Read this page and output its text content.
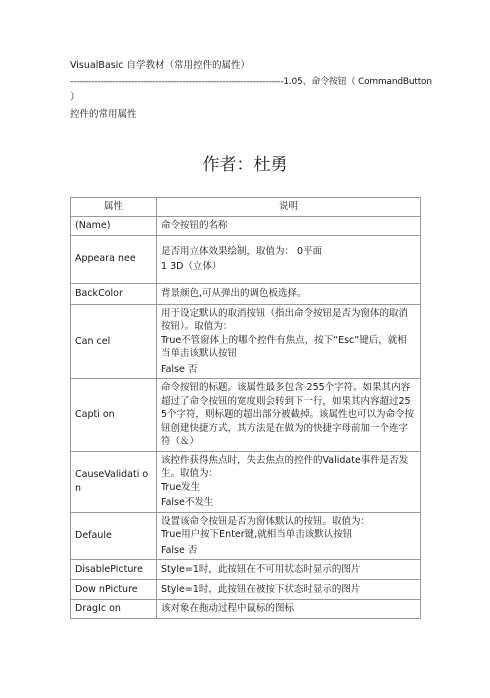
VisualBasic 自学教材（常用控件的属性）
----------------------------------------------------------------------1.05、命令按钮（ CommandButton
）
控件的常用属性
作者：杜勇
属性	说明
(Name)	命令按钮的名称

Appeara nee	是否用立体效果绘制，取值为： 0平面

1 3D（立体）

BackColor	背景颜色,可从弹出的调色板选择。

Can cel	用于设定默认的取消按钮（指出命令按钮是否为窗体的取消按钮）。取值为：

True不管窗体上的哪个控件有焦点，按下“Esc”键后，就相当单击该默认按钮

False 否

Capti on	命令按钮的标题。该属性最多包含 255个字符。如果其内容超过了命令按钮的宽度则会转到下一行，如果其内容超过255个字符，则标题的超出部分被截掉。该属性也可以为命令按钮创建快捷方式，其方法是在做为的快捷字母前加一个连字符（＆）

CauseValidati on	该控件获得焦点时，失去焦点的控件的Validate事件是否发生。取值为：

True发生

False不发生

Defaule	设置该命令按钮是否为窗体默认的按钮。取值为：

True用户按下Enter键,就相当单击该默认按钮

False 否

DisablePicture	Style=1时，此按钮在不可用状态时显示的图片

Dow nPicture	Style=1时，此按钮在被按下状态时显示的图片

DragIc on	该对象在拖动过程中鼠标的图标
